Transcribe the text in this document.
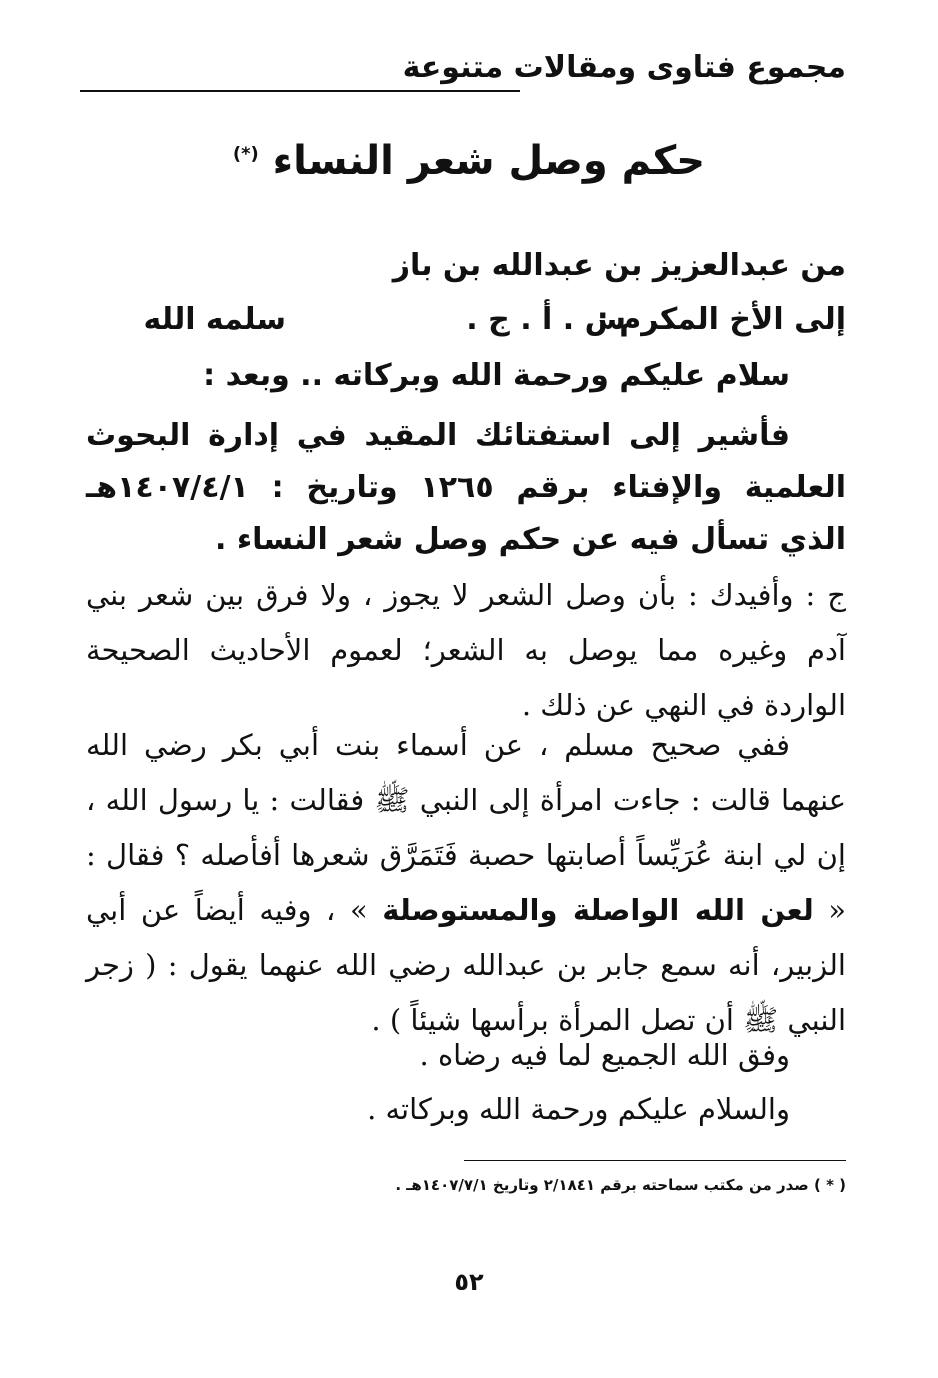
مجموع فتاوى ومقالات متنوعة
حكم وصل شعر النساء (*)
من عبدالعزيز بن عبدالله بن باز
إلى الأخ المكرم :
س . أ . ج .
سلمه الله
سلام عليكم ورحمة الله وبركاته .. وبعد :
فأشير إلى استفتائك المقيد في إدارة البحوث العلمية والإفتاء برقم ١٢٦٥ وتاريخ : ١٤٠٧/٤/١هـ الذي تسأل فيه عن حكم وصل شعر النساء .
ج : وأفيدك : بأن وصل الشعر لا يجوز ، ولا فرق بين شعر بني آدم وغيره مما يوصل به الشعر؛ لعموم الأحاديث الصحيحة الواردة في النهي عن ذلك .
ففي صحيح مسلم ، عن أسماء بنت أبي بكر رضي الله عنهما قالت : جاءت امرأة إلى النبي ﷺ فقالت : يا رسول الله ، إن لي ابنة عُرَيِّساً أصابتها حصبة فَتَمَرَّق شعرها أفأصله ؟ فقال : « لعن الله الواصلة والمستوصلة » ، وفيه أيضاً عن أبي الزبير، أنه سمع جابر بن عبدالله رضي الله عنهما يقول : ( زجر النبي ﷺ أن تصل المرأة برأسها شيئاً ) .
وفق الله الجميع لما فيه رضاه .
والسلام عليكم ورحمة الله وبركاته .
( * ) صدر من مكتب سماحته برقم ٢/١٨٤١ وتاريخ ١٤٠٧/٧/١هـ .
٥٢
